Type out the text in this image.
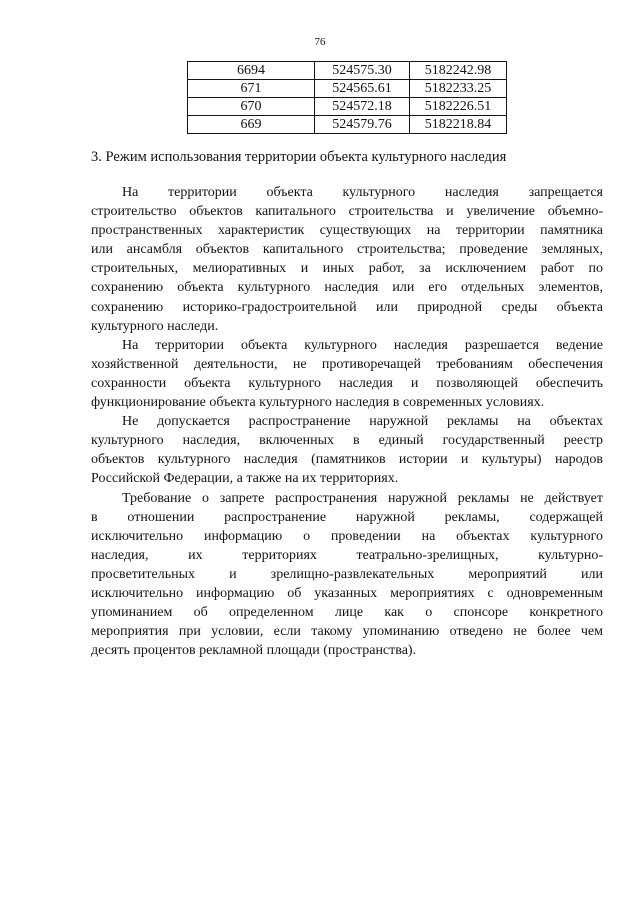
76
6694	524575.30	5182242.98
671	524565.61	5182233.25
670	524572.18	5182226.51
669	524579.76	5182218.84
3. Режим использования территории объекта культурного наследия
На территории объекта культурного наследия запрещается
строительство объектов капитального строительства и увеличение объемно-
пространственных характеристик существующих на территории памятника
или ансамбля объектов капитального строительства; проведение земляных,
строительных, мелиоративных и иных работ, за исключением работ по
сохранению объекта культурного наследия или его отдельных элементов,
сохранению историко-градостроительной или природной среды объекта
культурного наследи.
На территории объекта культурного наследия разрешается ведение
хозяйственной деятельности, не противоречащей требованиям обеспечения
сохранности объекта культурного наследия и позволяющей обеспечить
функционирование объекта культурного наследия в современных условиях.
Не допускается распространение наружной рекламы на объектах
культурного наследия, включенных в единый государственный реестр
объектов культурного наследия (памятников истории и культуры) народов
Российской Федерации, а также на их территориях.
Требование о запрете распространения наружной рекламы не действует
в отношении распространение наружной рекламы, содержащей
исключительно информацию о проведении на объектах культурного
наследия, их территориях театрально-зрелищных, культурно-
просветительных и зрелищно-развлекательных мероприятий или
исключительно информацию об указанных мероприятиях с одновременным
упоминанием об определенном лице как о спонсоре конкретного
мероприятия при условии, если такому упоминанию отведено не более чем
десять процентов рекламной площади (пространства).
